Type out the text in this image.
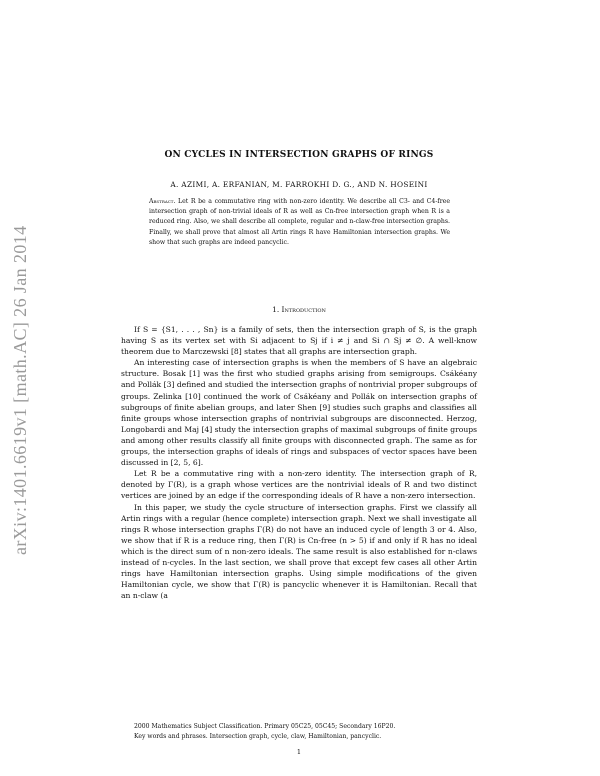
arXiv:1401.6619v1 [math.AC] 26 Jan 2014
ON CYCLES IN INTERSECTION GRAPHS OF RINGS
A. AZIMI, A. ERFANIAN, M. FARROKHI D. G., AND N. HOSEINI
Abstract. Let R be a commutative ring with non-zero identity. We describe all C3- and C4-free intersection graph of non-trivial ideals of R as well as Cn-free intersection graph when R is a reduced ring. Also, we shall describe all complete, regular and n-claw-free intersection graphs. Finally, we shall prove that almost all Artin rings R have Hamiltonian intersection graphs. We show that such graphs are indeed pancyclic.
1. Introduction

If S = {S1, . . . , Sn} is a family of sets, then the intersection graph of S, is the graph having S as its vertex set with Si adjacent to Sj if i ≠ j and Si ∩ Sj ≠ ∅. A well-know theorem due to Marczewski [8] states that all graphs are intersection graph.

An interesting case of intersection graphs is when the members of S have an algebraic structure. Bosak [1] was the first who studied graphs arising from semigroups. Csákéany and Pollák [3] defined and studied the intersection graphs of nontrivial proper subgroups of groups. Zelinka [10] continued the work of Csákéany and Pollák on intersection graphs of subgroups of finite abelian groups, and later Shen [9] studies such graphs and classifies all finite groups whose intersection graphs of nontrivial subgroups are disconnected. Herzog, Longobardi and Maj [4] study the intersection graphs of maximal subgroups of finite groups and among other results classify all finite groups with disconnected graph. The same as for groups, the intersection graphs of ideals of rings and subspaces of vector spaces have been discussed in [2, 5, 6].

Let R be a commutative ring with a non-zero identity. The intersection graph of R, denoted by Γ(R), is a graph whose vertices are the nontrivial ideals of R and two distinct vertices are joined by an edge if the corresponding ideals of R have a non-zero intersection.

In this paper, we study the cycle structure of intersection graphs. First we classify all Artin rings with a regular (hence complete) intersection graph. Next we shall investigate all rings R whose intersection graphs Γ(R) do not have an induced cycle of length 3 or 4. Also, we show that if R is a reduce ring, then Γ(R) is Cn-free (n > 5) if and only if R has no ideal which is the direct sum of n non-zero ideals. The same result is also established for n-claws instead of n-cycles. In the last section, we shall prove that except few cases all other Artin rings have Hamiltonian intersection graphs. Using simple modifications of the given Hamiltonian cycle, we show that Γ(R) is pancyclic whenever it is Hamiltonian. Recall that an n-claw (a

2000 Mathematics Subject Classification. Primary 05C25, 05C45; Secondary 16P20.

Key words and phrases. Intersection graph, cycle, claw, Hamiltonian, pancyclic.

1
